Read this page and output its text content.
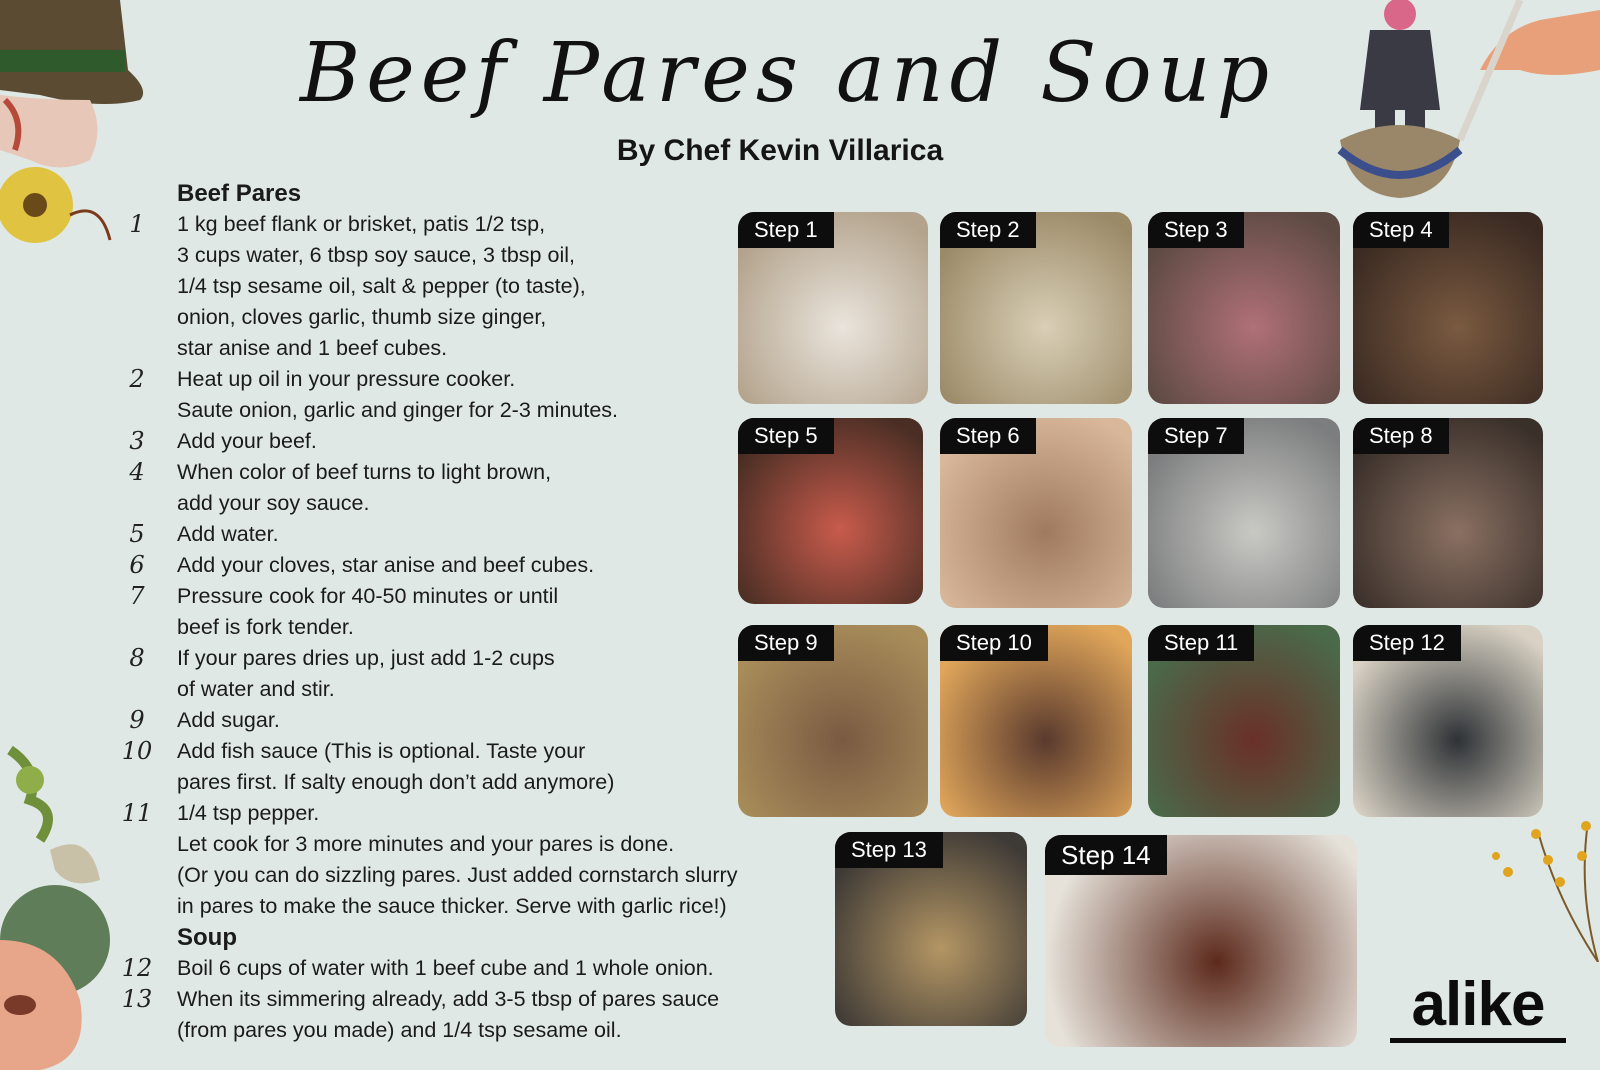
Beef Pares and Soup
By Chef Kevin Villarica
Beef Pares
1	1 kg beef flank or brisket, patis 1/2 tsp,
3 cups water, 6 tbsp soy sauce, 3 tbsp oil,
1/4 tsp sesame oil, salt & pepper (to taste),
onion, cloves garlic, thumb size ginger,
star anise and 1 beef cubes.
2	Heat up oil in your pressure cooker.
Saute onion, garlic and ginger for 2-3 minutes.
3	Add your beef.
4	When color of beef turns to light brown,
add your soy sauce.
5	Add water.
6	Add your cloves, star anise and beef cubes.
7	Pressure cook for 40-50 minutes or until
beef is fork tender.
8	If your pares dries up, just add 1-2 cups
of water and stir.
9	Add sugar.
10 Add fish sauce (This is optional. Taste your
pares first. If salty enough don’t add anymore)
11 1/4 tsp pepper.
Let cook for 3 more minutes and your pares is done.
(Or you can do sizzling pares. Just added cornstarch slurry
in pares to make the sauce thicker. Serve with garlic rice!)
Soup
12 Boil 6 cups of water with 1 beef cube and 1 whole onion.
13 When its simmering already, add 3-5 tbsp of pares sauce
(from pares you made) and 1/4 tsp sesame oil.
Step 1	Step 2	Step 3	Step 4
Step 5	Step 6	Step 7	Step 8
Step 9	Step 10	Step 11	Step 12
Step 13	Step 14
alike
